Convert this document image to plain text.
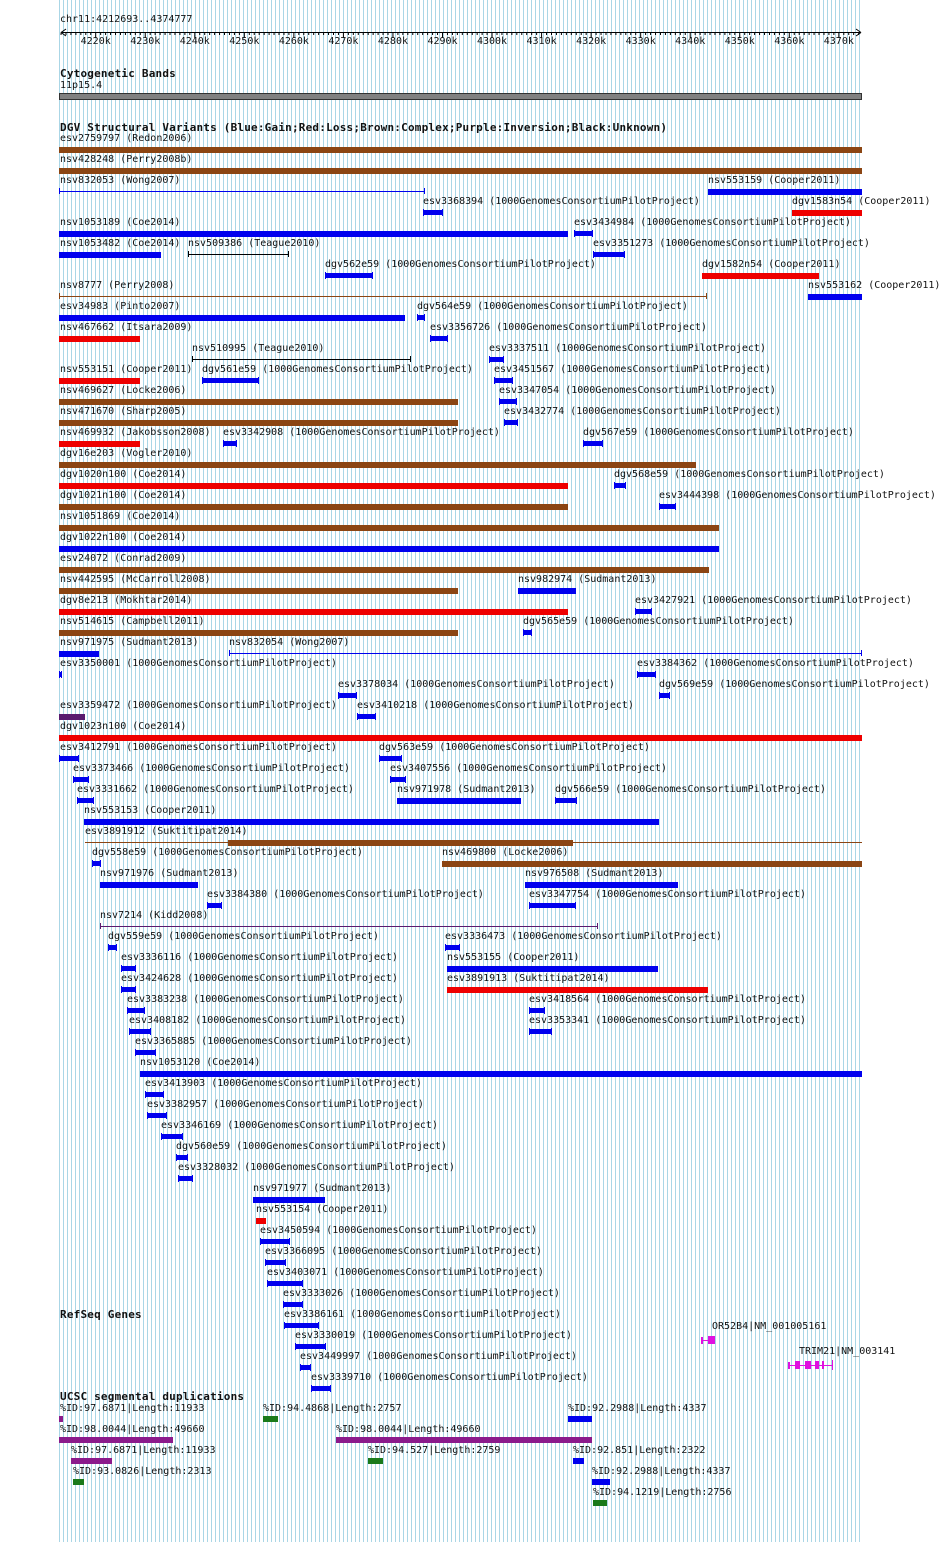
chr11:4212693..4374777
4220k 4230k 4240k 4250k 4260k 4270k 4280k 4290k 4300k 4310k 4320k 4330k 4340k 4350k 4360k 4370k
Cytogenetic Bands
11p15.4
DGV Structural Variants (Blue:Gain;Red:Loss;Brown:Complex;Purple:Inversion;Black:Unknown)
RefSeq Genes
UCSC segmental duplications
esv2759797 (Redon2006)
nsv428248 (Perry2008b)
nsv832053 (Wong2007)
esv3368394 (1000GenomesConsortiumPilotProject)
nsv553159 (Cooper2011)
nsv1053189 (Coe2014)	esv3434984 (1000GenomesConsortiumPilotProject)
nsv1053482 (Coe2014) nsv509386 (Teague2010)
dgv562e59 (1000GenomesConsortiumPilotProject)
esv3351273 (1000GenomesConsortiumPilotProject)
nsv8777 (Perry2008)
dgv1583n54 (Cooper2011)
esv34983 (Pinto2007)	dgv564e59 (1000GenomesConsortiumPilotProject)
dgv1582n54 (Cooper2011)
nsv467662 (Itsara2009)
nsv510995 (Teague2010)
esv3356726 (1000GenomesConsortiumPilotProject)
nsv553162 (Cooper2011)
nsv553151 (Cooper2011) dgv561e59 (1000GenomesConsortiumPilotProject)
esv3337511 (1000GenomesConsortiumPilotProject)
nsv469627 (Locke2006)
esv3451567 (1000GenomesConsortiumPilotProject)
nsv471670 (Sharp2005)
esv3347054 (1000GenomesConsortiumPilotProject)
nsv469932 (Jakobsson2008) esv3342908 (1000GenomesConsortiumPilotProject)
esv3432774 (1000GenomesConsortiumPilotProject)
dgv16e203 (Vogler2010)
dgv1020n100 (Coe2014)
dgv567e59 (1000GenomesConsortiumPilotProject)
dgv1021n100 (Coe2014)
dgv568e59 (1000GenomesConsortiumPilotProject)
nsv1051869 (Coe2014)
dgv1022n100 (Coe2014)
esv24072 (Conrad2009)
nsv442595 (McCarroll2008)	nsv982974 (Sudmant2013)
esv3444398 (1000GenomesConsortiumPilotProject)
dgv8e213 (Mokhtar2014)	esv3427921 (1000GenomesConsortiumPilotProject)
nsv514615 (Campbell2011)	dgv565e59 (1000GenomesConsortiumPilotProject)
nsv971975 (Sudmant2013)	nsv832054 (Wong2007)
esv3350001 (1000GenomesConsortiumPilotProject)
esv3378034 (1000GenomesConsortiumPilotProject)
esv3384362 (1000GenomesConsortiumPilotProject)
esv3359472 (1000GenomesConsortiumPilotProject) esv3410218 (1000GenomesConsortiumPilotProject)
dgv569e59 (1000GenomesConsortiumPilotProject)
dgv1023n100 (Coe2014)
esv3412791 (1000GenomesConsortiumPilotProject)	dgv563e59 (1000GenomesConsortiumPilotProject)
esv3373466 (1000GenomesConsortiumPilotProject)	esv3407556 (1000GenomesConsortiumPilotProject)
esv3331662 (1000GenomesConsortiumPilotProject)	nsv971978 (Sudmant2013) dgv566e59 (1000GenomesConsortiumPilotProject)
nsv553153 (Cooper2011)
esv3891912 (Suktitipat2014)
dgv558e59 (1000GenomesConsortiumPilotProject)	nsv469800 (Locke2006)
nsv971976 (Sudmant2013)
esv3384380 (1000GenomesConsortiumPilotProject)
nsv976508 (Sudmant2013)
nsv7214 (Kidd2008)
dgv559e59 (1000GenomesConsortiumPilotProject)	esv3336473 (1000GenomesConsortiumPilotProject)
esv3336116 (1000GenomesConsortiumPilotProject)	nsv553155 (Cooper2011)
esv3424628 (1000GenomesConsortiumPilotProject)	esv3891913 (Suktitipat2014)
esv3383238 (1000GenomesConsortiumPilotProject)
esv3347754 (1000GenomesConsortiumPilotProject)
esv3408182 (1000GenomesConsortiumPilotProject)
esv3418564 (1000GenomesConsortiumPilotProject)
esv3365885 (1000GenomesConsortiumPilotProject)
esv3353341 (1000GenomesConsortiumPilotProject)
nsv1053120 (Coe2014)
esv3413903 (1000GenomesConsortiumPilotProject)
esv3382957 (1000GenomesConsortiumPilotProject)
esv3346169 (1000GenomesConsortiumPilotProject)
dgv560e59 (1000GenomesConsortiumPilotProject)
esv3328032 (1000GenomesConsortiumPilotProject)
nsv971977 (Sudmant2013)
nsv553154 (Cooper2011)
esv3450594 (1000GenomesConsortiumPilotProject)
esv3366095 (1000GenomesConsortiumPilotProject)
esv3403071 (1000GenomesConsortiumPilotProject)
esv3333026 (1000GenomesConsortiumPilotProject)
esv3386161 (1000GenomesConsortiumPilotProject)
esv3330019 (1000GenomesConsortiumPilotProject)
esv3449997 (1000GenomesConsortiumPilotProject)
esv3339710 (1000GenomesConsortiumPilotProject)
OR52B4|NM_001005161
TRIM21|NM_003141
%ID:97.6871|Length:11933	%ID:94.4868|Length:2757	%ID:92.2988|Length:4337
%ID:98.0044|Length:49660	%ID:98.0044|Length:49660
%ID:97.6871|Length:11933	%ID:94.527|Length:2759	%ID:92.851|Length:2322
%ID:93.0826|Length:2313	%ID:92.2988|Length:4337
%ID:94.1219|Length:2756
